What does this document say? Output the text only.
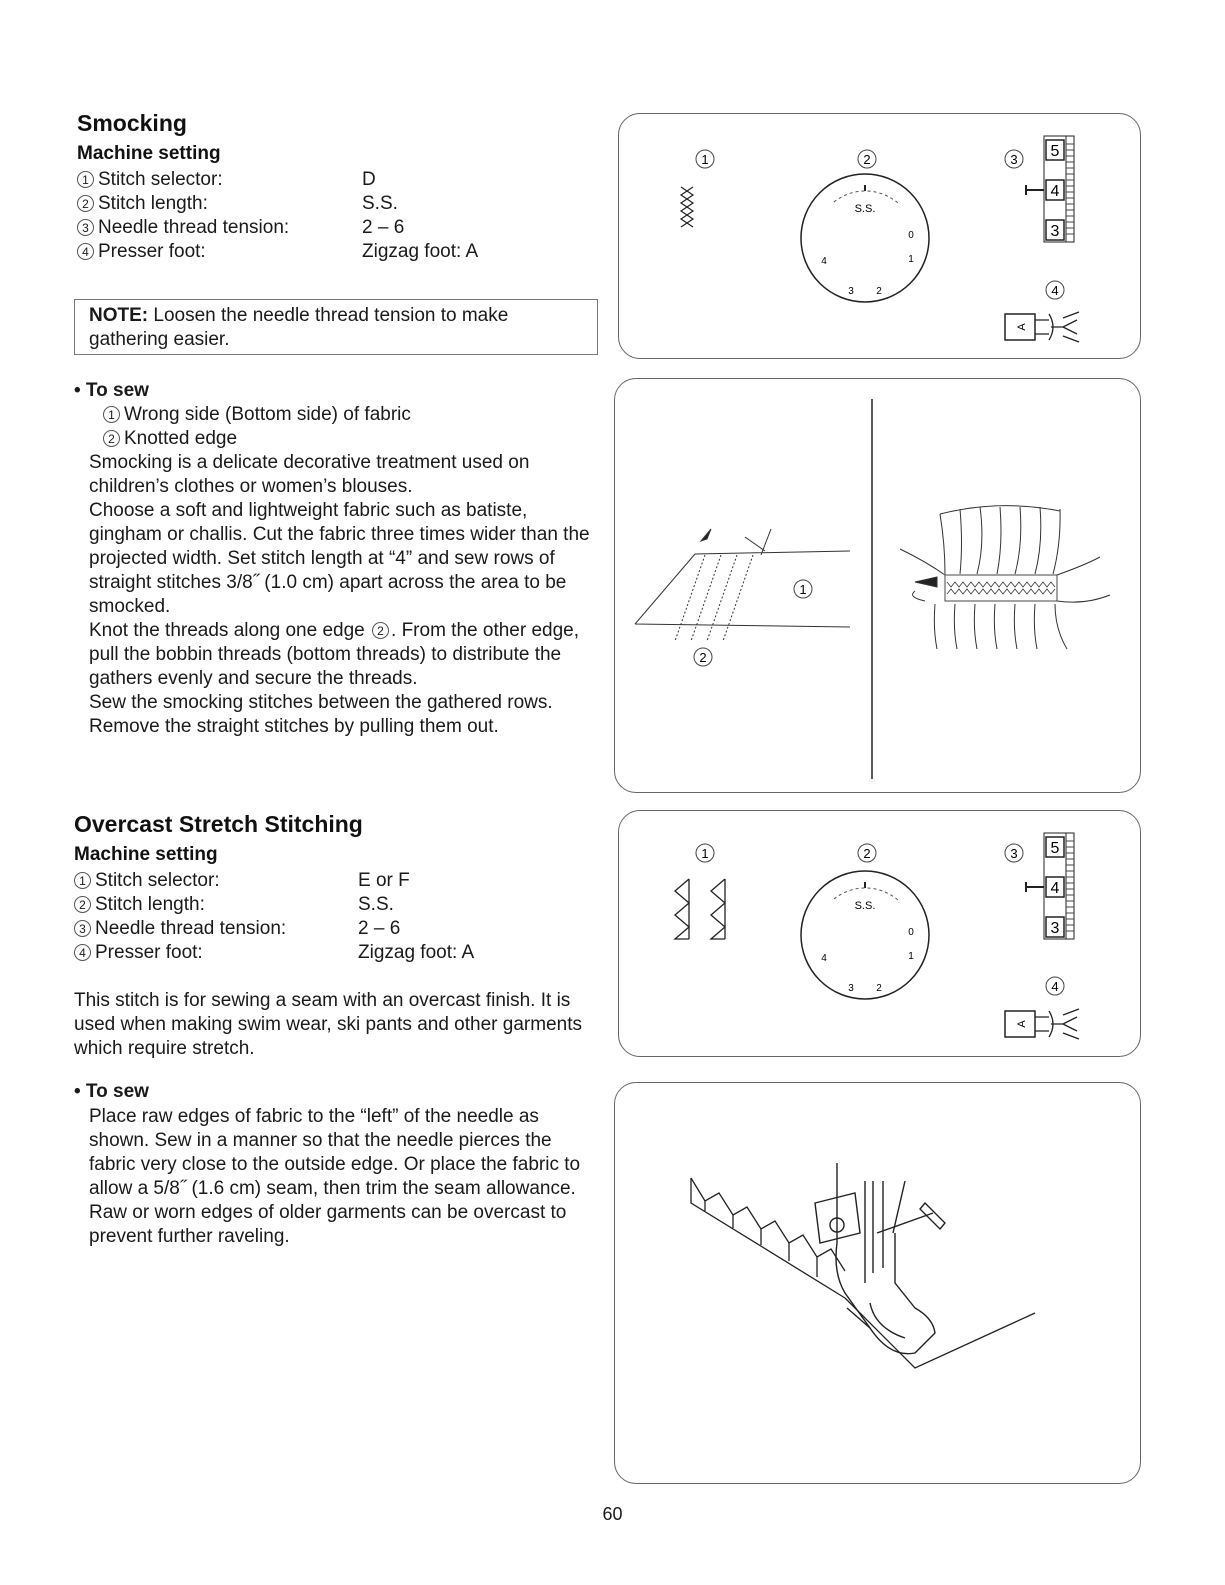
Smocking
Machine setting
1 Stitch selector:	D
2 Stitch length:	S.S.
3 Needle thread tension:	2 – 6
4 Presser foot:	Zigzag foot: A
NOTE: Loosen the needle thread tension to make gathering easier.
• To sew
1 Wrong side (Bottom side) of fabric
2 Knotted edge

Smocking is a delicate decorative treatment used on children’s clothes or women’s blouses.

Choose a soft and lightweight fabric such as batiste, gingham or challis. Cut the fabric three times wider than the projected width. Set stitch length at “4” and sew rows of straight stitches 3/8˝ (1.0 cm) apart across the area to be smocked.

Knot the threads along one edge 2 . From the other edge, pull the bobbin threads (bottom threads) to distribute the gathers evenly and secure the threads.

Sew the smocking stitches between the gathered rows.

Remove the straight stitches by pulling them out.

Overcast Stretch Stitching
Machine setting
1 Stitch selector:	E or F
2 Stitch length:	S.S.
3 Needle thread tension:	2 – 6
4 Presser foot:	Zigzag foot: A
This stitch is for sewing a seam with an overcast finish. It is used when making swim wear, ski pants and other garments which require stretch.
• To sew
Place raw edges of fabric to the “left” of the needle as shown. Sew in a manner so that the needle pierces the fabric very close to the outside edge. Or place the fabric to allow a 5/8˝ (1.6 cm) seam, then trim the seam allowance. Raw or worn edges of older garments can be overcast to prevent further raveling.
1	2	3
4
S.S.
0
1
2
3
4
5
4
3
A
1
2
1	2	3
4
S.S.
0
1
2
3
4
5
4
3
A
60
